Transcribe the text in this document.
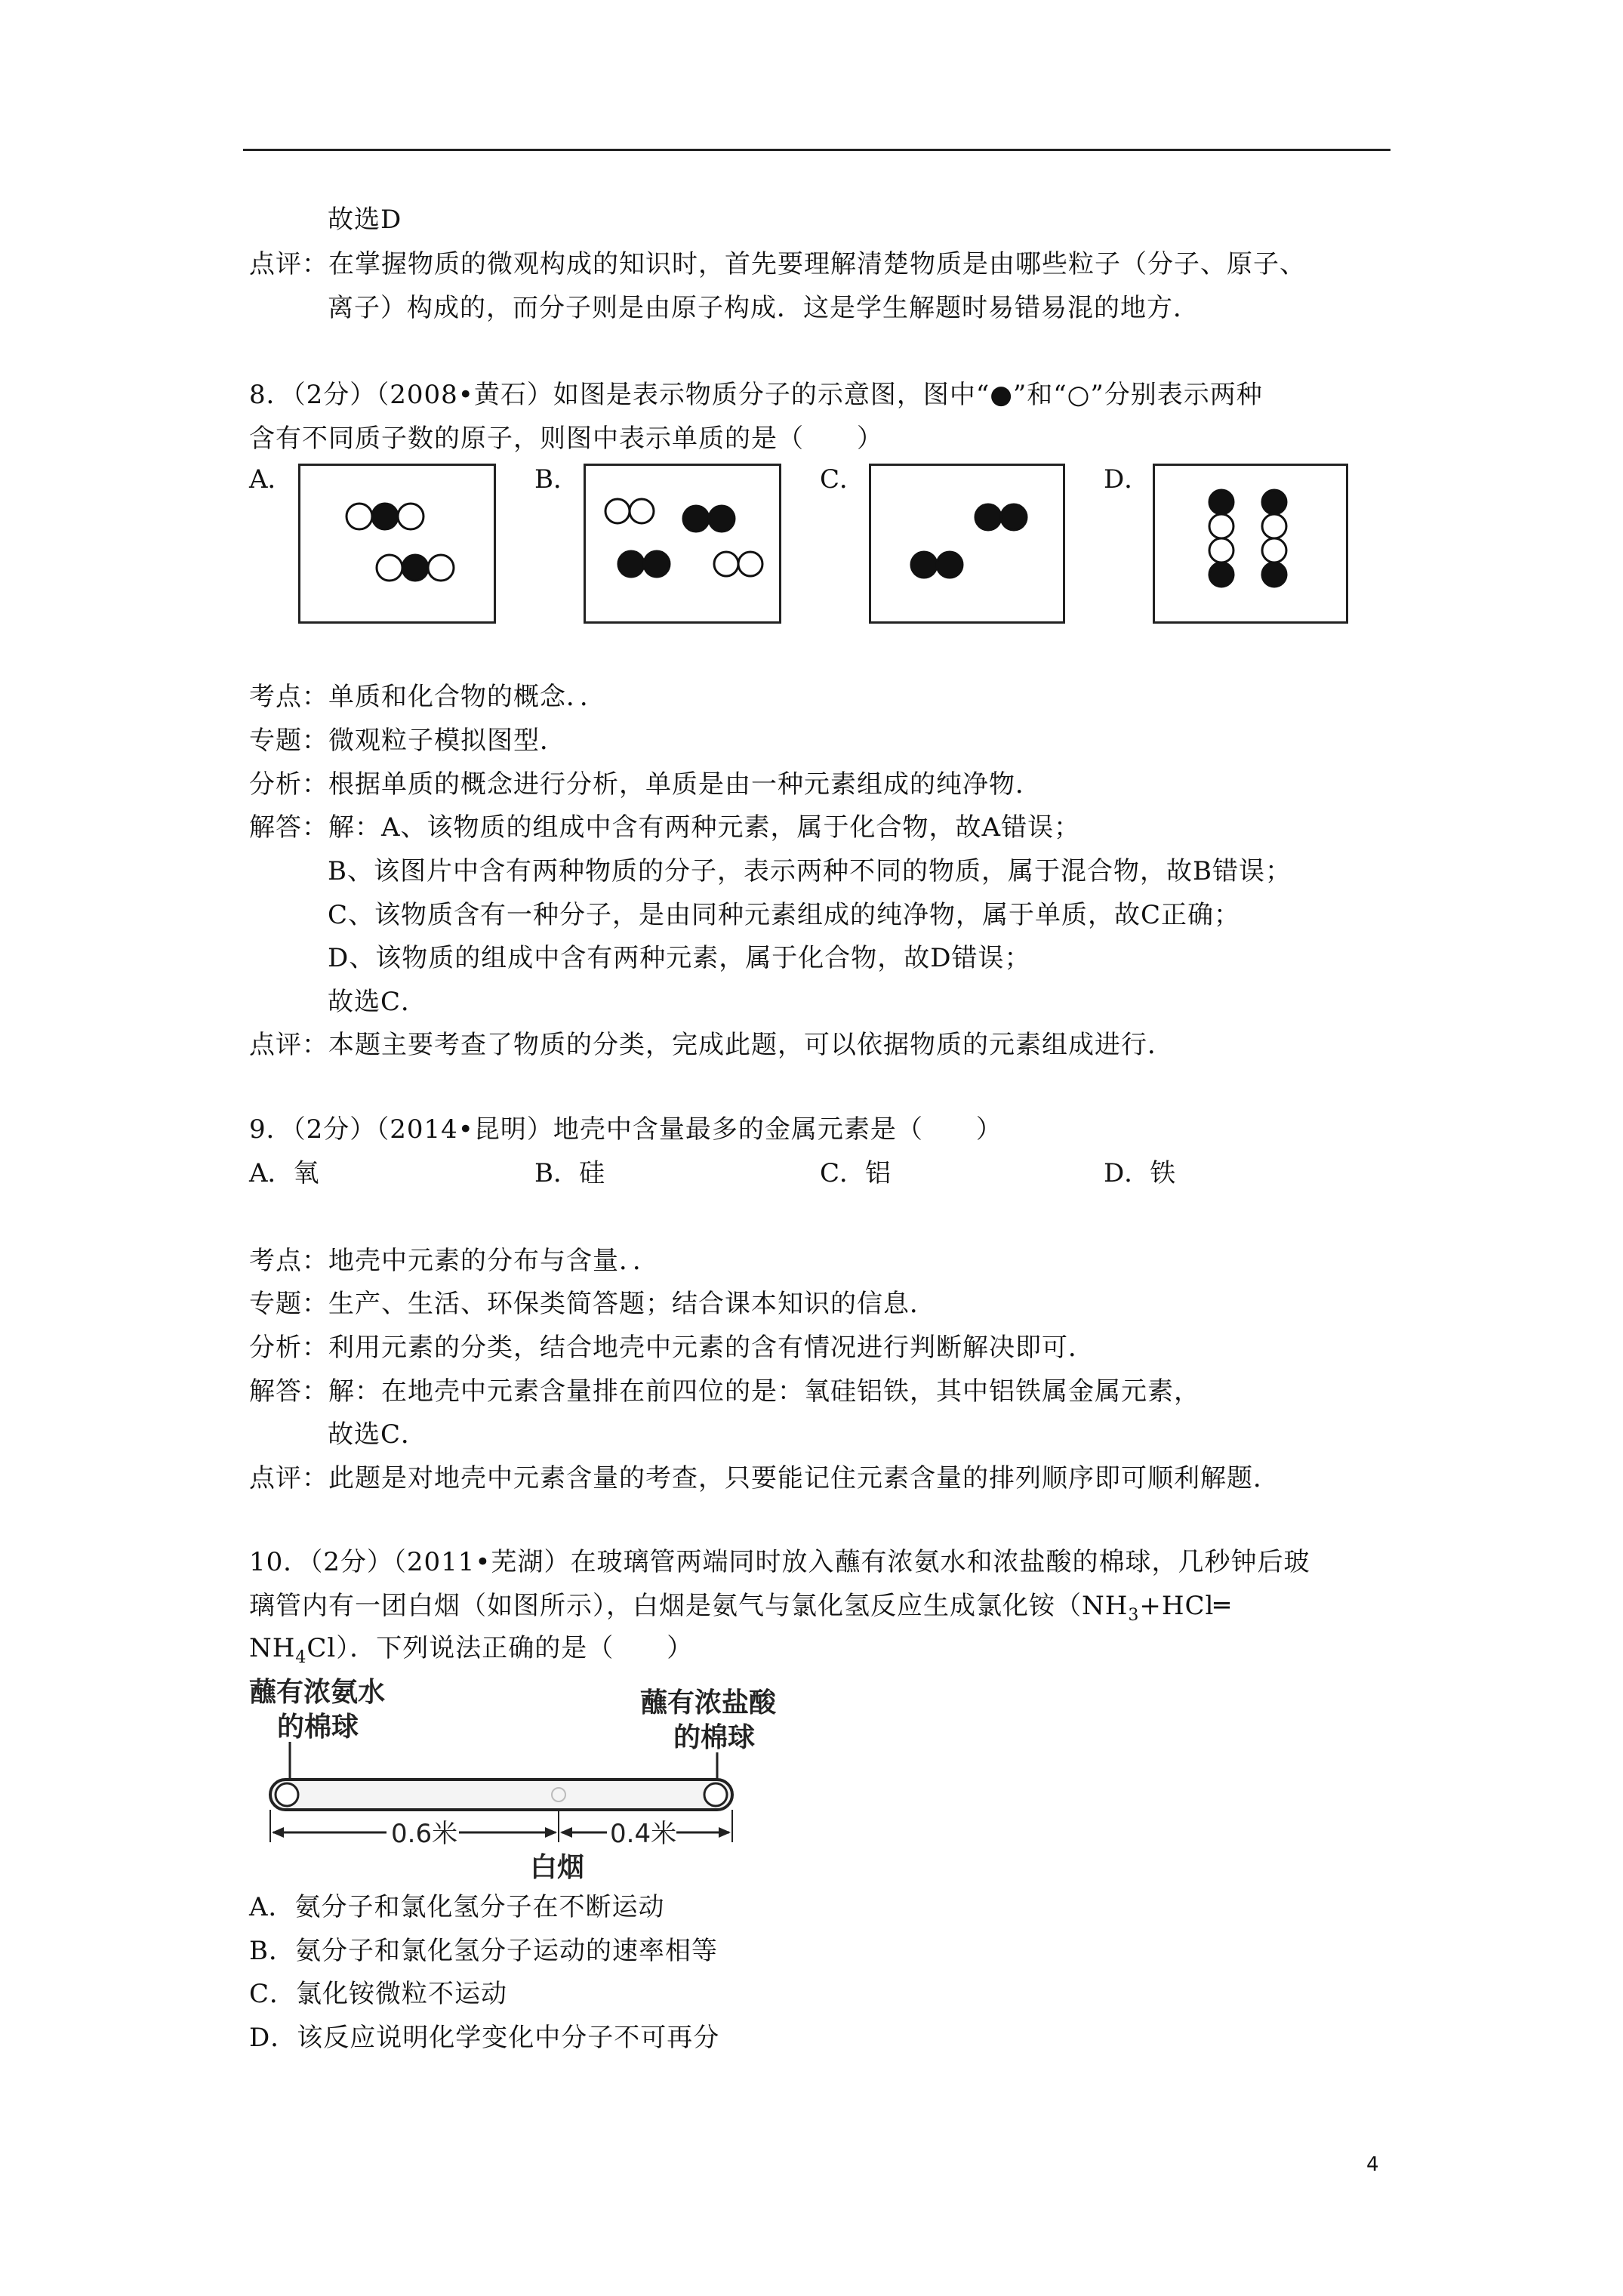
故选D
点评：在掌握物质的微观构成的知识时，首先要理解清楚物质是由哪些粒子（分子、原子、
离子）构成的，而分子则是由原子构成．这是学生解题时易错易混的地方．
8．（2分）（2008•黄石）如图是表示物质分子的示意图，图中“●”和“○”分别表示两种
含有不同质子数的原子，则图中表示单质的是（　　）
A．	B．	C．	D．
考点：单质和化合物的概念．．
专题：微观粒子模拟图型．
分析：根据单质的概念进行分析，单质是由一种元素组成的纯净物．
解答：解：A、该物质的组成中含有两种元素，属于化合物，故A错误；
B、该图片中含有两种物质的分子，表示两种不同的物质，属于混合物，故B错误；
C、该物质含有一种分子，是由同种元素组成的纯净物，属于单质，故C正确；
D、该物质的组成中含有两种元素，属于化合物，故D错误；
故选C．
点评：本题主要考查了物质的分类，完成此题，可以依据物质的元素组成进行．
9．（2分）（2014•昆明）地壳中含量最多的金属元素是（　　）
A．氧	B．硅	C．铝	D．铁
考点：地壳中元素的分布与含量．．
专题：生产、生活、环保类简答题；结合课本知识的信息．
分析：利用元素的分类，结合地壳中元素的含有情况进行判断解决即可．
解答：解：在地壳中元素含量排在前四位的是：氧硅铝铁，其中铝铁属金属元素，
故选C．
点评：此题是对地壳中元素含量的考查，只要能记住元素含量的排列顺序即可顺利解题．
10．（2分）（2011•芜湖）在玻璃管两端同时放入蘸有浓氨水和浓盐酸的棉球，几秒钟后玻
璃管内有一团白烟（如图所示），白烟是氨气与氯化氢反应生成氯化铵（$NH_3+HCl═$
$NH_4Cl$）．下列说法正确的是（　　）
蘸有浓氨水
的棉球
蘸有浓盐酸
的棉球
0.6米	0.4米
白烟
A．氨分子和氯化氢分子在不断运动
B．氨分子和氯化氢分子运动的速率相等
C．氯化铵微粒不运动
D．该反应说明化学变化中分子不可再分
4
